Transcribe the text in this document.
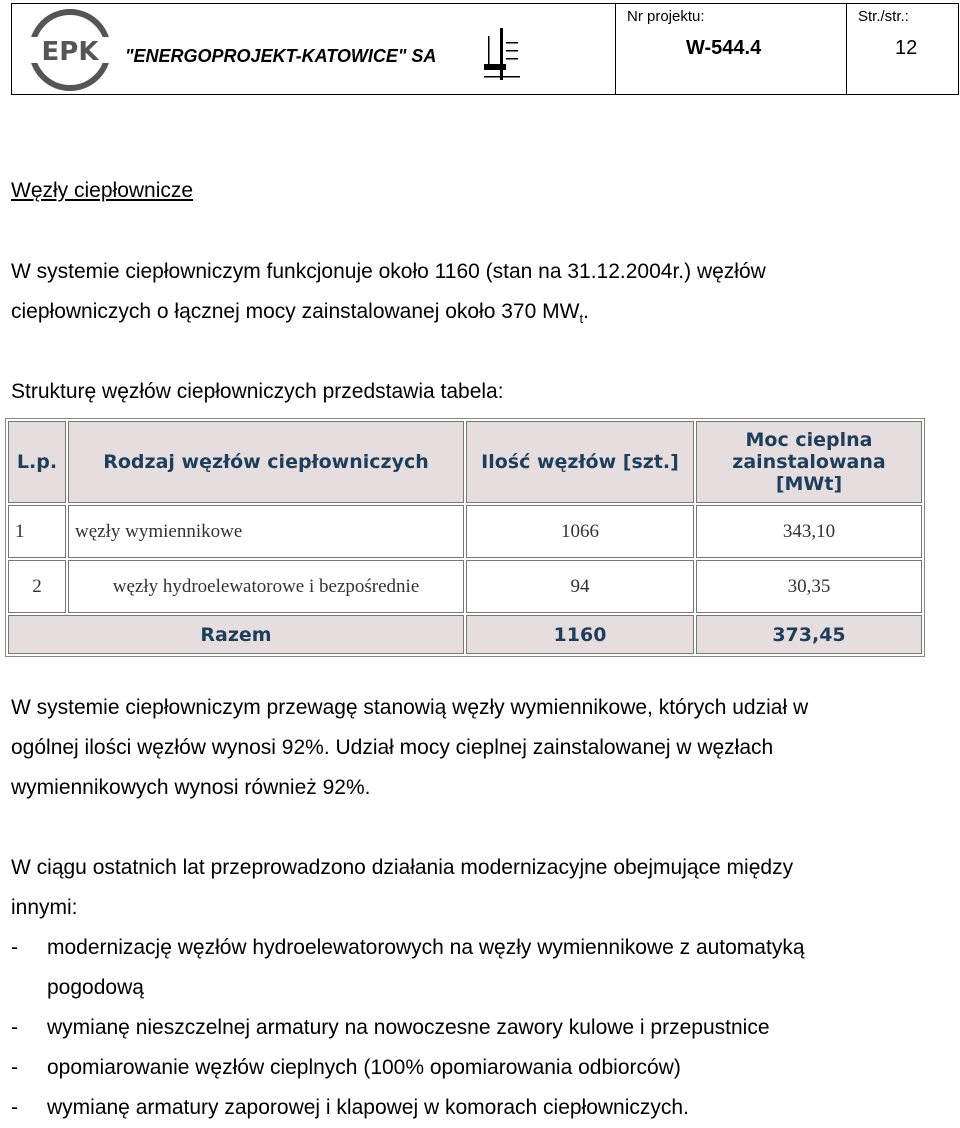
EPK "ENERGOPROJEKT-KATOWICE" SA
Nr projektu:
W-544.4
Str./str.:
12
Węzły ciepłownicze
W systemie ciepłowniczym funkcjonuje około 1160 (stan na 31.12.2004r.) węzłów
ciepłowniczych o łącznej mocy zainstalowanej około 370 $MW_t$.
Strukturę węzłów ciepłowniczych przedstawia tabela:
L.p.	Rodzaj węzłów ciepłowniczych	Ilość węzłów [szt.]	Moc cieplna zainstalowana [MWt]
1	węzły wymiennikowe	1066	343,10
2	węzły hydroelewatorowe i bezpośrednie	94	30,35
Razem		1160	373,45
W systemie ciepłowniczym przewagę stanowią węzły wymiennikowe, których udział w
ogólnej ilości węzłów wynosi 92%. Udział mocy cieplnej zainstalowanej w węzłach
wymiennikowych wynosi również 92%.
W ciągu ostatnich lat przeprowadzono działania modernizacyjne obejmujące między
innymi:
- modernizację węzłów hydroelewatorowych na węzły wymiennikowe z automatyką
pogodową
- wymianę nieszczelnej armatury na nowoczesne zawory kulowe i przepustnice
- opomiarowanie węzłów cieplnych (100% opomiarowania odbiorców)
- wymianę armatury zaporowej i klapowej w komorach ciepłowniczych.
